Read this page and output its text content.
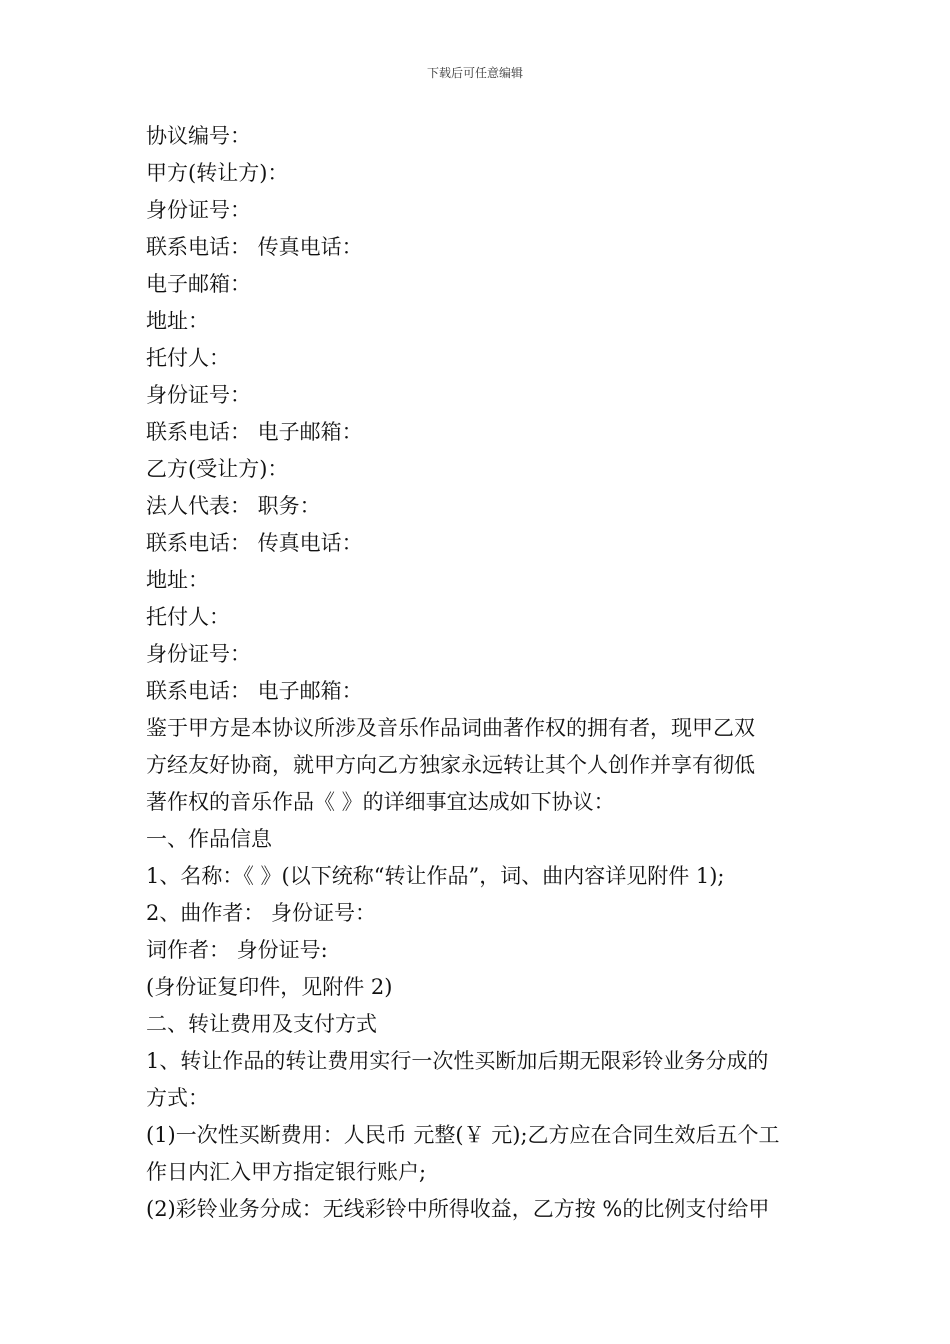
下载后可任意编辑
协议编号：
甲方(转让方)：
身份证号：
联系电话： 传真电话：
电子邮箱：
地址：
托付人：
身份证号：
联系电话： 电子邮箱：
乙方(受让方)：
法人代表： 职务：
联系电话： 传真电话：
地址：
托付人：
身份证号：
联系电话： 电子邮箱：
鉴于甲方是本协议所涉及音乐作品词曲著作权的拥有者，现甲乙双
方经友好协商，就甲方向乙方独家永远转让其个人创作并享有彻低
著作权的音乐作品《 》的详细事宜达成如下协议：
一、作品信息
1、名称：《 》(以下统称“转让作品”，词、曲内容详见附件 1);
2、曲作者： 身份证号：
词作者： 身份证号:
(身份证复印件，见附件 2)
二、转让费用及支付方式
1、转让作品的转让费用实行一次性买断加后期无限彩铃业务分成的
方式：
(1)一次性买断费用：人民币 元整(￥ 元);乙方应在合同生效后五个工
作日内汇入甲方指定银行账户;
(2)彩铃业务分成：无线彩铃中所得收益，乙方按 %的比例支付给甲
